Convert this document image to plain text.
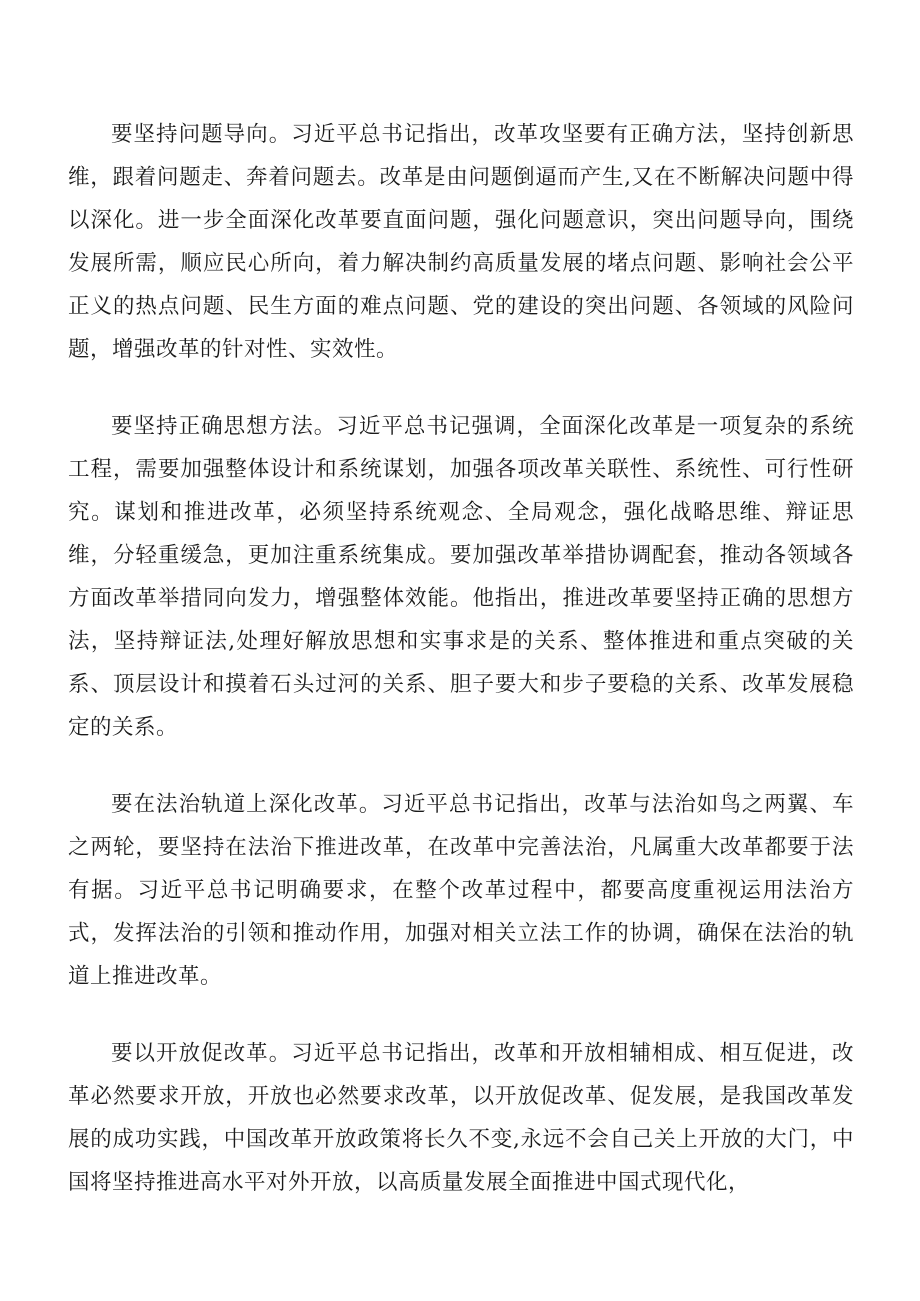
要坚持问题导向。习近平总书记指出，改革攻坚要有正确方法，坚持创新思维，跟着问题走、奔着问题去。改革是由问题倒逼而产生,又在不断解决问题中得以深化。进一步全面深化改革要直面问题，强化问题意识，突出问题导向，围绕发展所需，顺应民心所向，着力解决制约高质量发展的堵点问题、影响社会公平正义的热点问题、民生方面的难点问题、党的建设的突出问题、各领域的风险问题，增强改革的针对性、实效性。

要坚持正确思想方法。习近平总书记强调，全面深化改革是一项复杂的系统工程，需要加强整体设计和系统谋划，加强各项改革关联性、系统性、可行性研究。谋划和推进改革，必须坚持系统观念、全局观念，强化战略思维、辩证思维，分轻重缓急，更加注重系统集成。要加强改革举措协调配套，推动各领域各方面改革举措同向发力，增强整体效能。他指出，推进改革要坚持正确的思想方法，坚持辩证法,处理好解放思想和实事求是的关系、整体推进和重点突破的关系、顶层设计和摸着石头过河的关系、胆子要大和步子要稳的关系、改革发展稳定的关系。

要在法治轨道上深化改革。习近平总书记指出，改革与法治如鸟之两翼、车之两轮，要坚持在法治下推进改革，在改革中完善法治，凡属重大改革都要于法有据。习近平总书记明确要求，在整个改革过程中，都要高度重视运用法治方式，发挥法治的引领和推动作用，加强对相关立法工作的协调，确保在法治的轨道上推进改革。

要以开放促改革。习近平总书记指出，改革和开放相辅相成、相互促进，改革必然要求开放，开放也必然要求改革，以开放促改革、促发展，是我国改革发展的成功实践，中国改革开放政策将长久不变,永远不会自己关上开放的大门，中国将坚持推进高水平对外开放，以高质量发展全面推进中国式现代化，
